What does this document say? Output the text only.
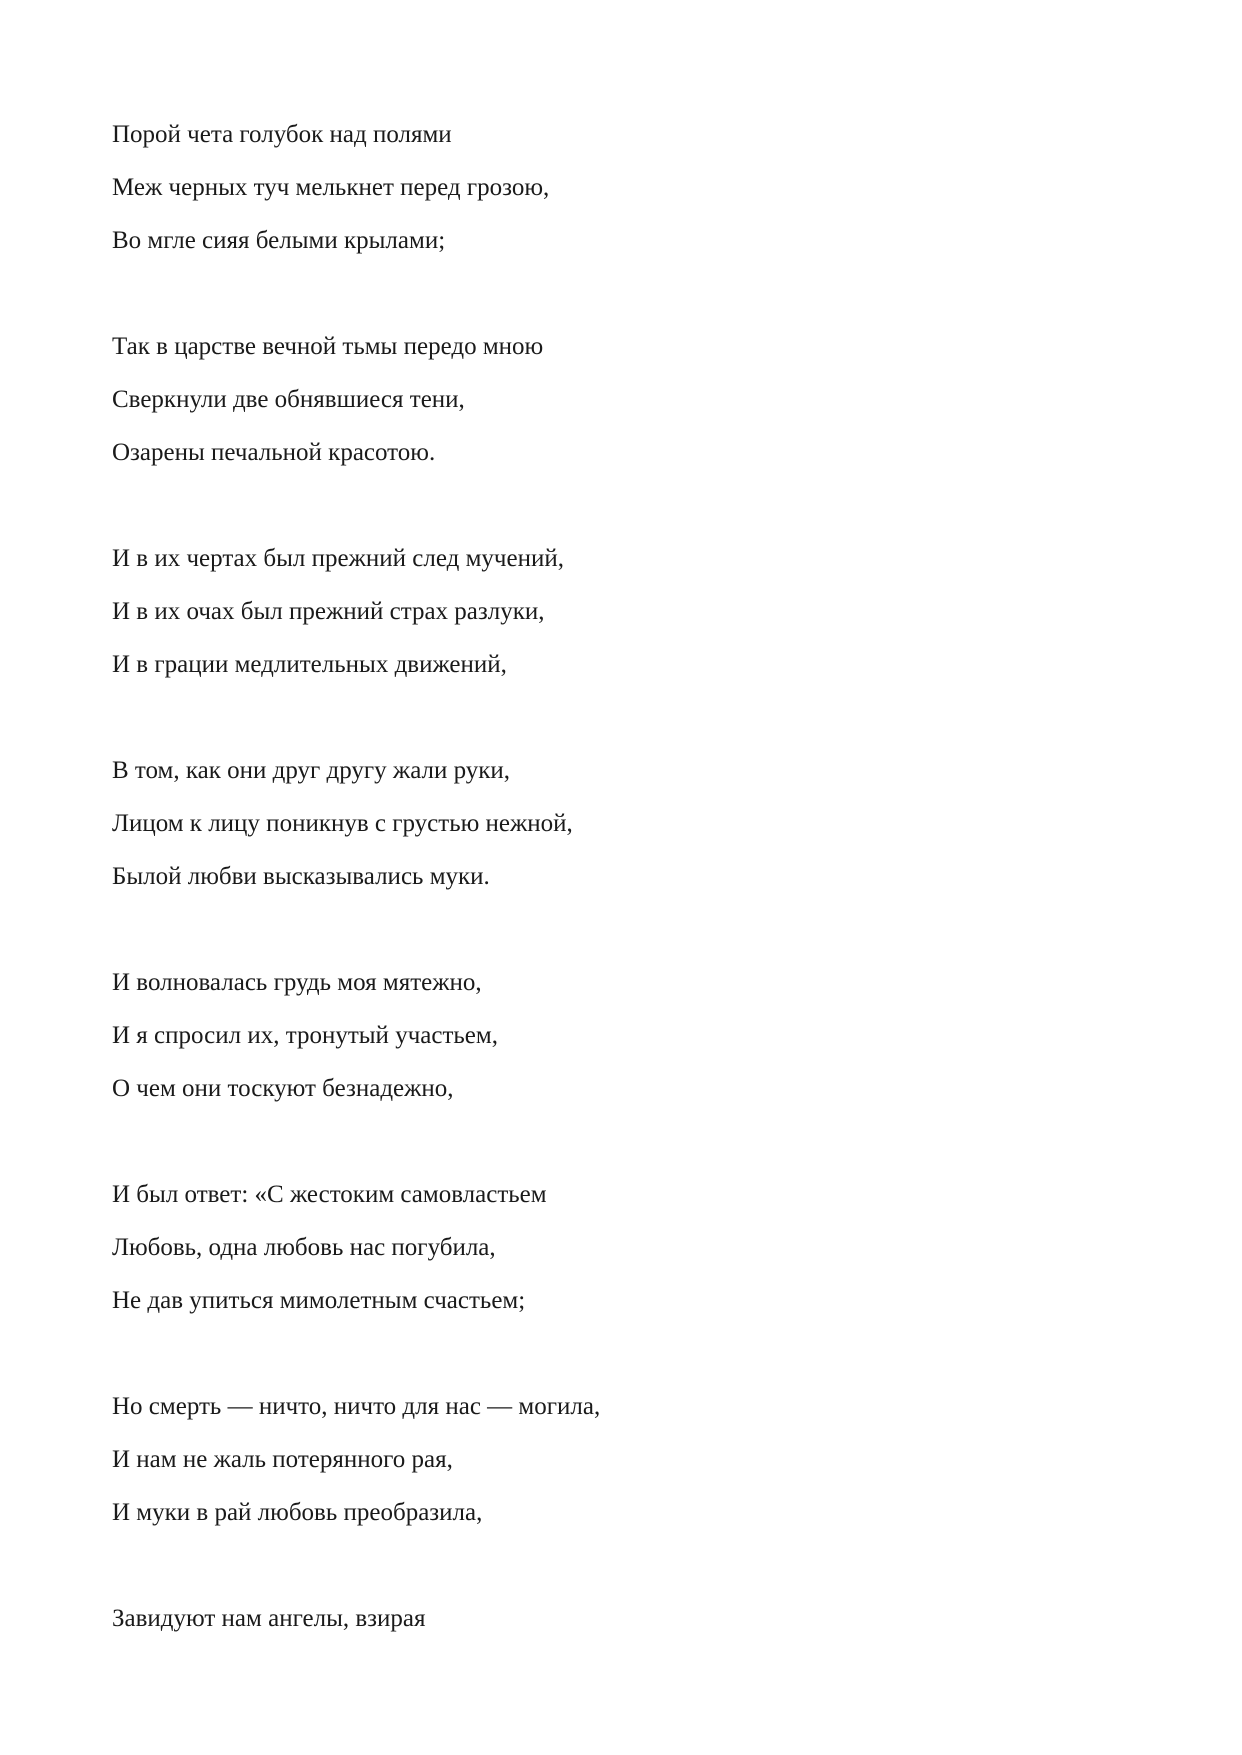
Порой чета голубок над полями
Меж черных туч мелькнет перед грозою,
Во мгле сияя белыми крылами;
Так в царстве вечной тьмы передо мною
Сверкнули две обнявшиеся тени,
Озарены печальной красотою.
И в их чертах был прежний след мучений,
И в их очах был прежний страх разлуки,
И в грации медлительных движений,
В том, как они друг другу жали руки,
Лицом к лицу поникнув с грустью нежной,
Былой любви высказывались муки.
И волновалась грудь моя мятежно,
И я спросил их, тронутый участьем,
О чем они тоскуют безнадежно,
И был ответ: «С жестоким самовластьем
Любовь, одна любовь нас погубила,
Не дав упиться мимолетным счастьем;
Но смерть — ничто, ничто для нас — могила,
И нам не жаль потерянного рая,
И муки в рай любовь преобразила,
Завидуют нам ангелы, взирая
